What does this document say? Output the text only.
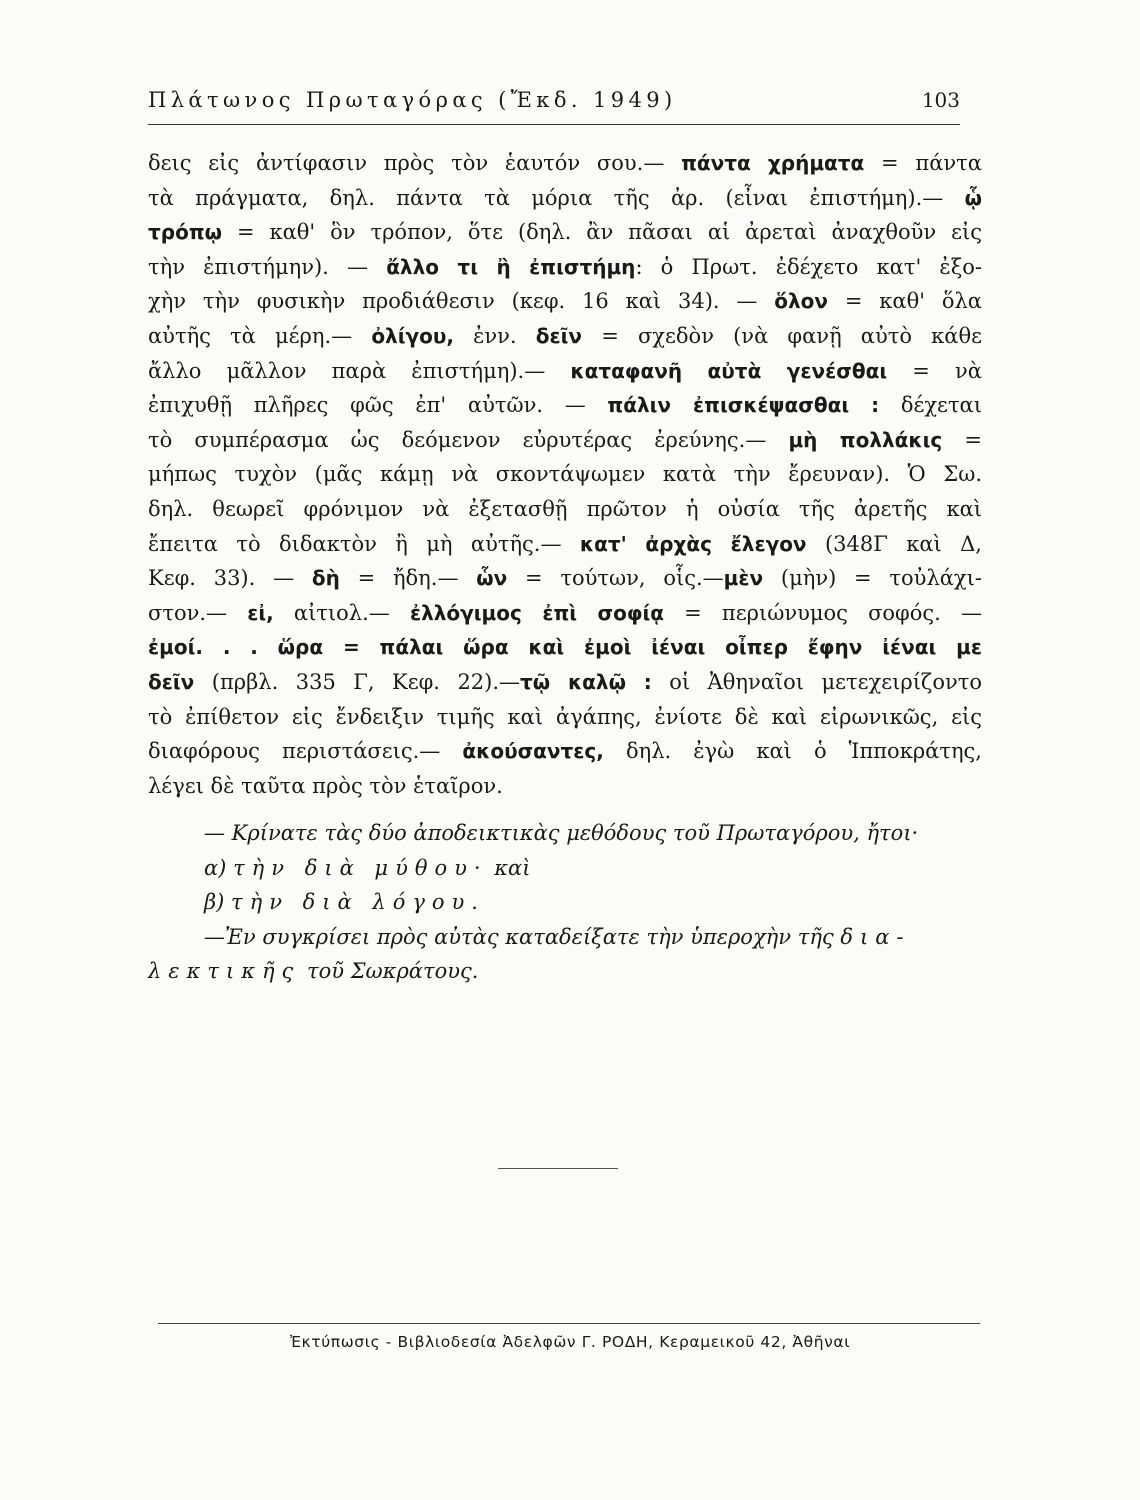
Πλάτωνος Πρωταγόρας (Ἔκδ. 1949)	103
δεις εἰς ἀντίφασιν πρὸς τὸν ἑαυτόν σου.— πάντα χρήματα = πάντα
τὰ πράγματα, δηλ. πάντα τὰ μόρια τῆς ἀρ. (εἶναι ἐπιστήμη).— ᾧ
τρόπῳ = καθ' ὃν τρόπον, ὅτε (δηλ. ἂν πᾶσαι αἱ ἀρεταὶ ἀναχθοῦν εἰς
τὴν ἐπιστήμην). — ἄλλο τι ἢ ἐπιστήμη: ὁ Πρωτ. ἐδέχετο κατ' ἐξο-
χὴν τὴν φυσικὴν προδιάθεσιν (κεφ. 16 καὶ 34). — ὅλον = καθ' ὅλα
αὐτῆς τὰ μέρη.— ὀλίγου, ἐνν. δεῖν = σχεδὸν (νὰ φανῇ αὐτὸ κάθε
ἄλλο μᾶλλον παρὰ ἐπιστήμη).— καταφανῆ αὐτὰ γενέσθαι = νὰ
ἐπιχυθῇ πλῆρες φῶς ἐπ' αὐτῶν. — πάλιν ἐπισκέψασθαι : δέχεται
τὸ συμπέρασμα ὡς δεόμενον εὐρυτέρας ἐρεύνης.— μὴ πολλάκις =
μήπως τυχὸν (μᾶς κάμῃ νὰ σκοντάψωμεν κατὰ τὴν ἔρευναν). Ὁ Σω.
δηλ. θεωρεῖ φρόνιμον νὰ ἐξετασθῇ πρῶτον ἡ οὐσία τῆς ἀρετῆς καὶ
ἔπειτα τὸ διδακτὸν ἢ μὴ αὐτῆς.— κατ' ἀρχὰς ἔλεγον (348Γ καὶ Δ,
Κεφ. 33). — δὴ = ἤδη.— ὧν = τούτων, οἷς.—μὲν (μὴν) = τοὐλάχι-
στον.— εἰ, αἰτιολ.— ἐλλόγιμος ἐπὶ σοφίᾳ = περιώνυμος σοφός. —
ἐμοί. . . ὥρα = πάλαι ὥρα καὶ ἐμοὶ ἰέναι οἶπερ ἔφην ἰέναι με
δεῖν (πρβλ. 335 Γ, Κεφ. 22).—τῷ καλῷ : οἱ Ἀθηναῖοι μετεχειρίζοντο
τὸ ἐπίθετον εἰς ἔνδειξιν τιμῆς καὶ ἀγάπης, ἐνίοτε δὲ καὶ εἰρωνικῶς, εἰς
διαφόρους περιστάσεις.— ἀκούσαντες, δηλ. ἐγὼ καὶ ὁ Ἱπποκράτης,
λέγει δὲ ταῦτα πρὸς τὸν ἑταῖρον.
— Κρίνατε τὰς δύο ἀποδεικτικὰς μεθόδους τοῦ Πρωταγόρου, ἤτοι·
α) τὴν διὰ μύθου· καὶ
β) τὴν διὰ λόγου.
—Ἐν συγκρίσει πρὸς αὐτὰς καταδείξατε τὴν ὑπεροχὴν τῆς δια-
λεκτικῆς τοῦ Σωκράτους.
Ἐκτύπωσις - Βιβλιοδεσία Ἀδελφῶν Γ. ΡΟΔΗ, Κεραμεικοῦ 42, Ἀθῆναι
